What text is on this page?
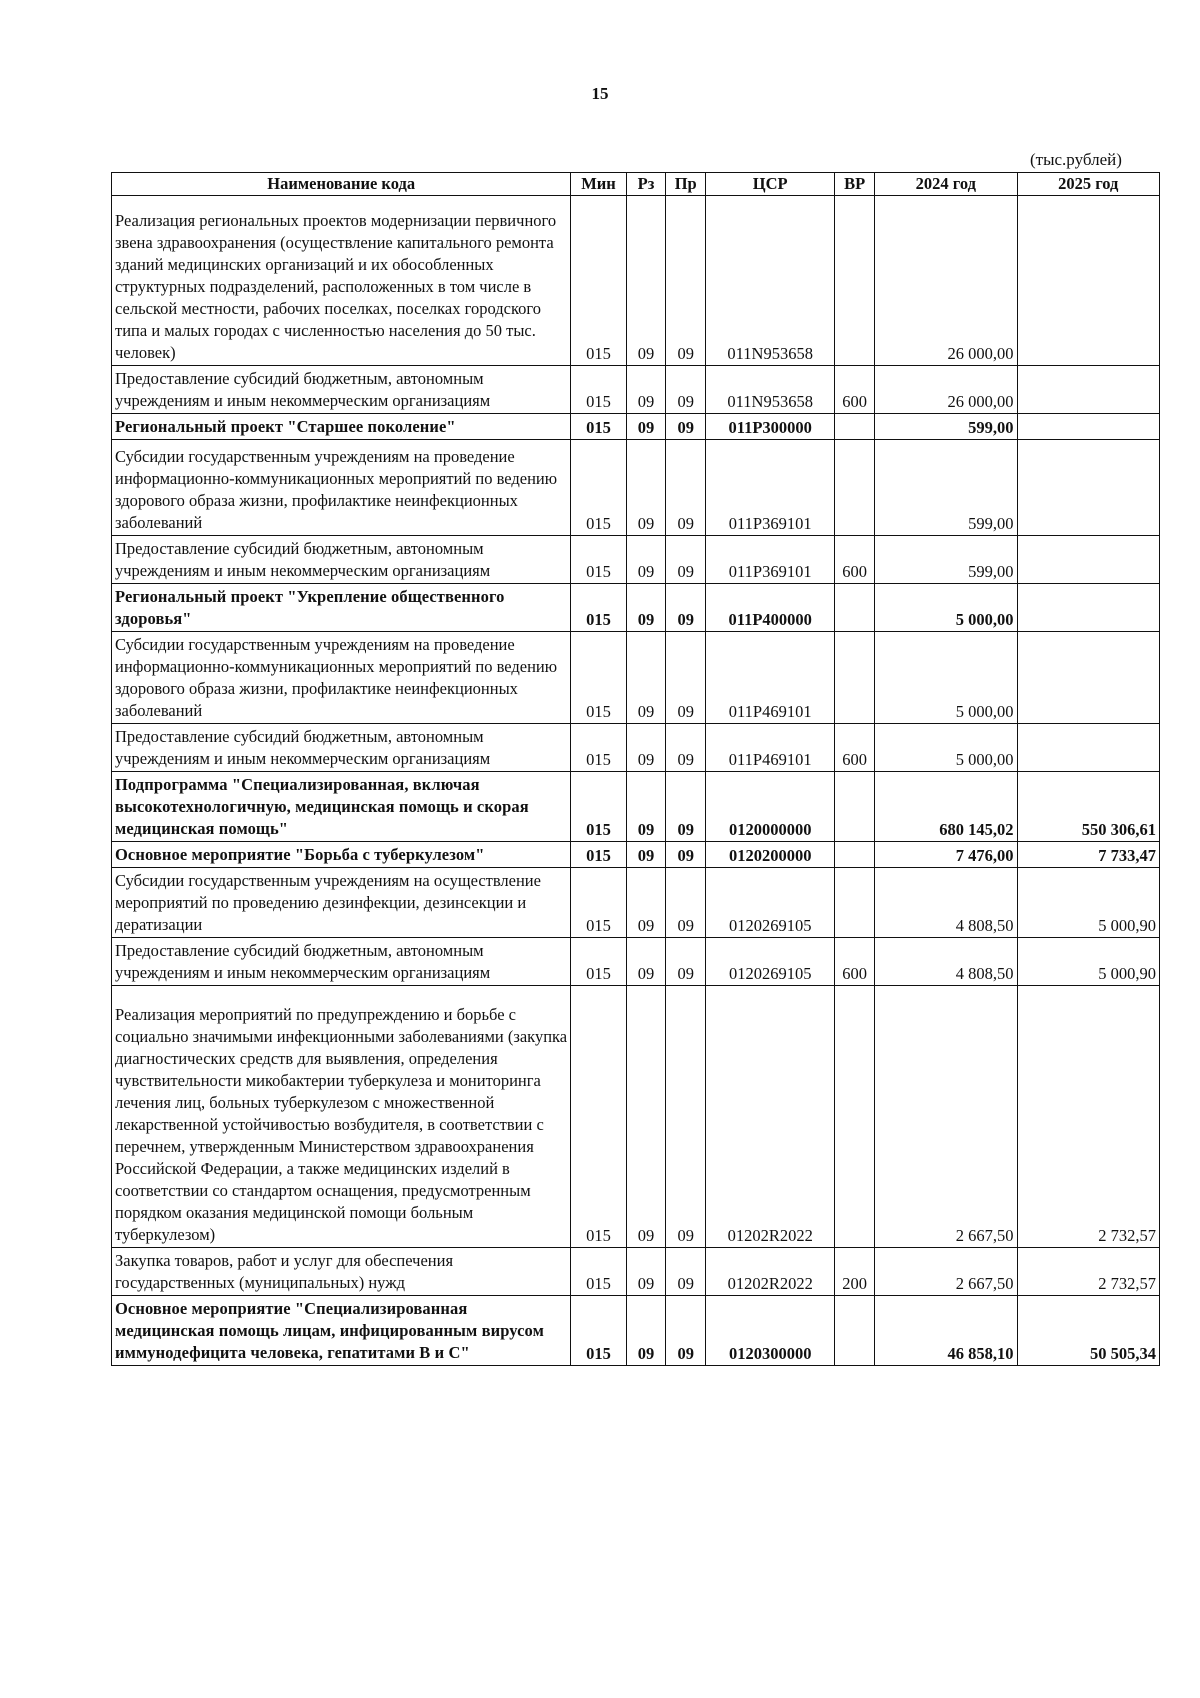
15
(тыс.рублей)
Наименование кода	Мин	Рз	Пр	ЦСР	ВР	2024 год	2025 год
Реализация региональных проектов модернизации первичного звена здравоохранения (осуществление капитального ремонта зданий медицинских организаций и их обособленных структурных подразделений, расположенных в том числе в сельской местности, рабочих поселках, поселках городского типа и малых городах с численностью населения до 50 тыс. человек)	015	09	09	011N953658		26 000,00	
Предоставление субсидий бюджетным, автономным учреждениям и иным некоммерческим организациям	015	09	09	011N953658	600	26 000,00	
Региональный проект "Старшее поколение"	015	09	09	011P300000		599,00	
Субсидии государственным учреждениям на проведение информационно-коммуникационных мероприятий по ведению здорового образа жизни, профилактике неинфекционных заболеваний	015	09	09	011P369101		599,00	
Предоставление субсидий бюджетным, автономным учреждениям и иным некоммерческим организациям	015	09	09	011P369101	600	599,00	
Региональный проект "Укрепление общественного здоровья"	015	09	09	011P400000		5 000,00	
Субсидии государственным учреждениям на проведение информационно-коммуникационных мероприятий по ведению здорового образа жизни, профилактике неинфекционных заболеваний	015	09	09	011P469101		5 000,00	
Предоставление субсидий бюджетным, автономным учреждениям и иным некоммерческим организациям	015	09	09	011P469101	600	5 000,00	
Подпрограмма "Специализированная, включая высокотехнологичную, медицинская помощь и скорая медицинская помощь"	015	09	09	0120000000		680 145,02	550 306,61
Основное мероприятие "Борьба с туберкулезом"	015	09	09	0120200000		7 476,00	7 733,47
Субсидии государственным учреждениям на осуществление мероприятий по проведению дезинфекции, дезинсекции и дератизации	015	09	09	0120269105		4 808,50	5 000,90
Предоставление субсидий бюджетным, автономным учреждениям и иным некоммерческим организациям	015	09	09	0120269105	600	4 808,50	5 000,90
Реализация мероприятий по предупреждению и борьбе с социально значимыми инфекционными заболеваниями (закупка диагностических средств для выявления, определения чувствительности микобактерии туберкулеза и мониторинга лечения лиц, больных туберкулезом с множественной лекарственной устойчивостью возбудителя, в соответствии с перечнем, утвержденным Министерством здравоохранения Российской Федерации, а также медицинских изделий в соответствии со стандартом оснащения, предусмотренным порядком оказания медицинской помощи больным туберкулезом)	015	09	09	01202R2022		2 667,50	2 732,57
Закупка товаров, работ и услуг для обеспечения государственных (муниципальных) нужд	015	09	09	01202R2022	200	2 667,50	2 732,57
Основное мероприятие "Специализированная медицинская помощь лицам, инфицированным вирусом иммунодефицита человека, гепатитами В и С"	015	09	09	0120300000		46 858,10	50 505,34
